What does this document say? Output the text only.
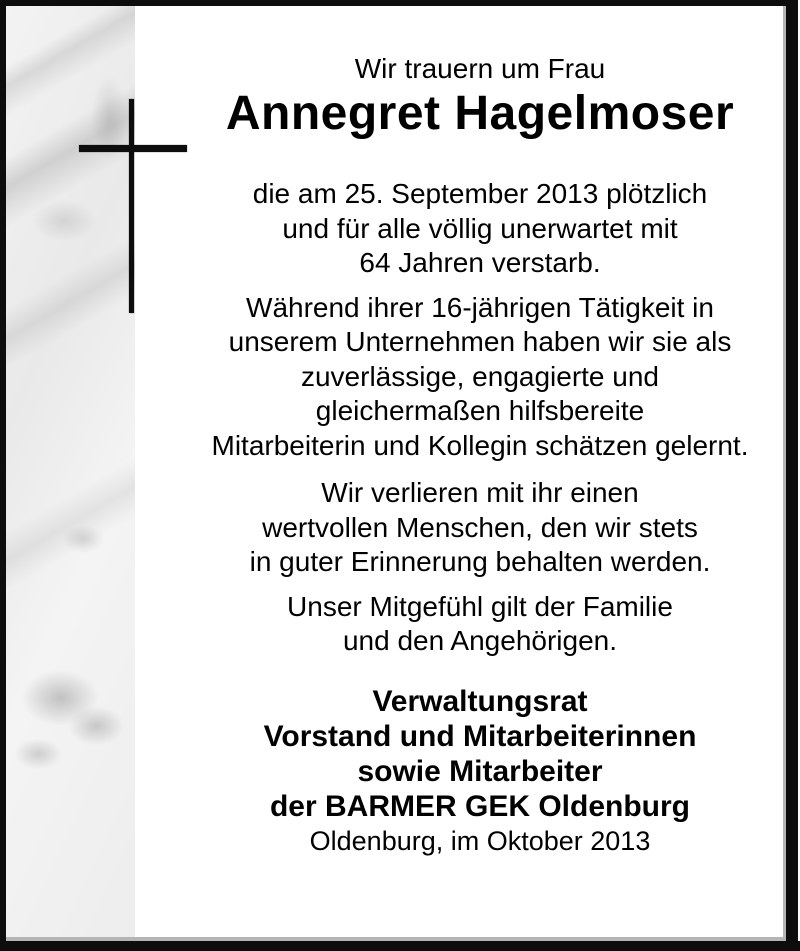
Wir trauern um Frau

Annegret Hagelmoser

die am 25. September 2013 plötzlich

und für alle völlig unerwartet mit

64 Jahren verstarb.

Während ihrer 16-jährigen Tätigkeit in

unserem Unternehmen haben wir sie als

zuverlässige, engagierte und

gleichermaßen hilfsbereite

Mitarbeiterin und Kollegin schätzen gelernt.

Wir verlieren mit ihr einen

wertvollen Menschen, den wir stets

in guter Erinnerung behalten werden.

Unser Mitgefühl gilt der Familie

und den Angehörigen.

Verwaltungsrat

Vorstand und Mitarbeiterinnen

sowie Mitarbeiter

der BARMER GEK Oldenburg

Oldenburg, im Oktober 2013
